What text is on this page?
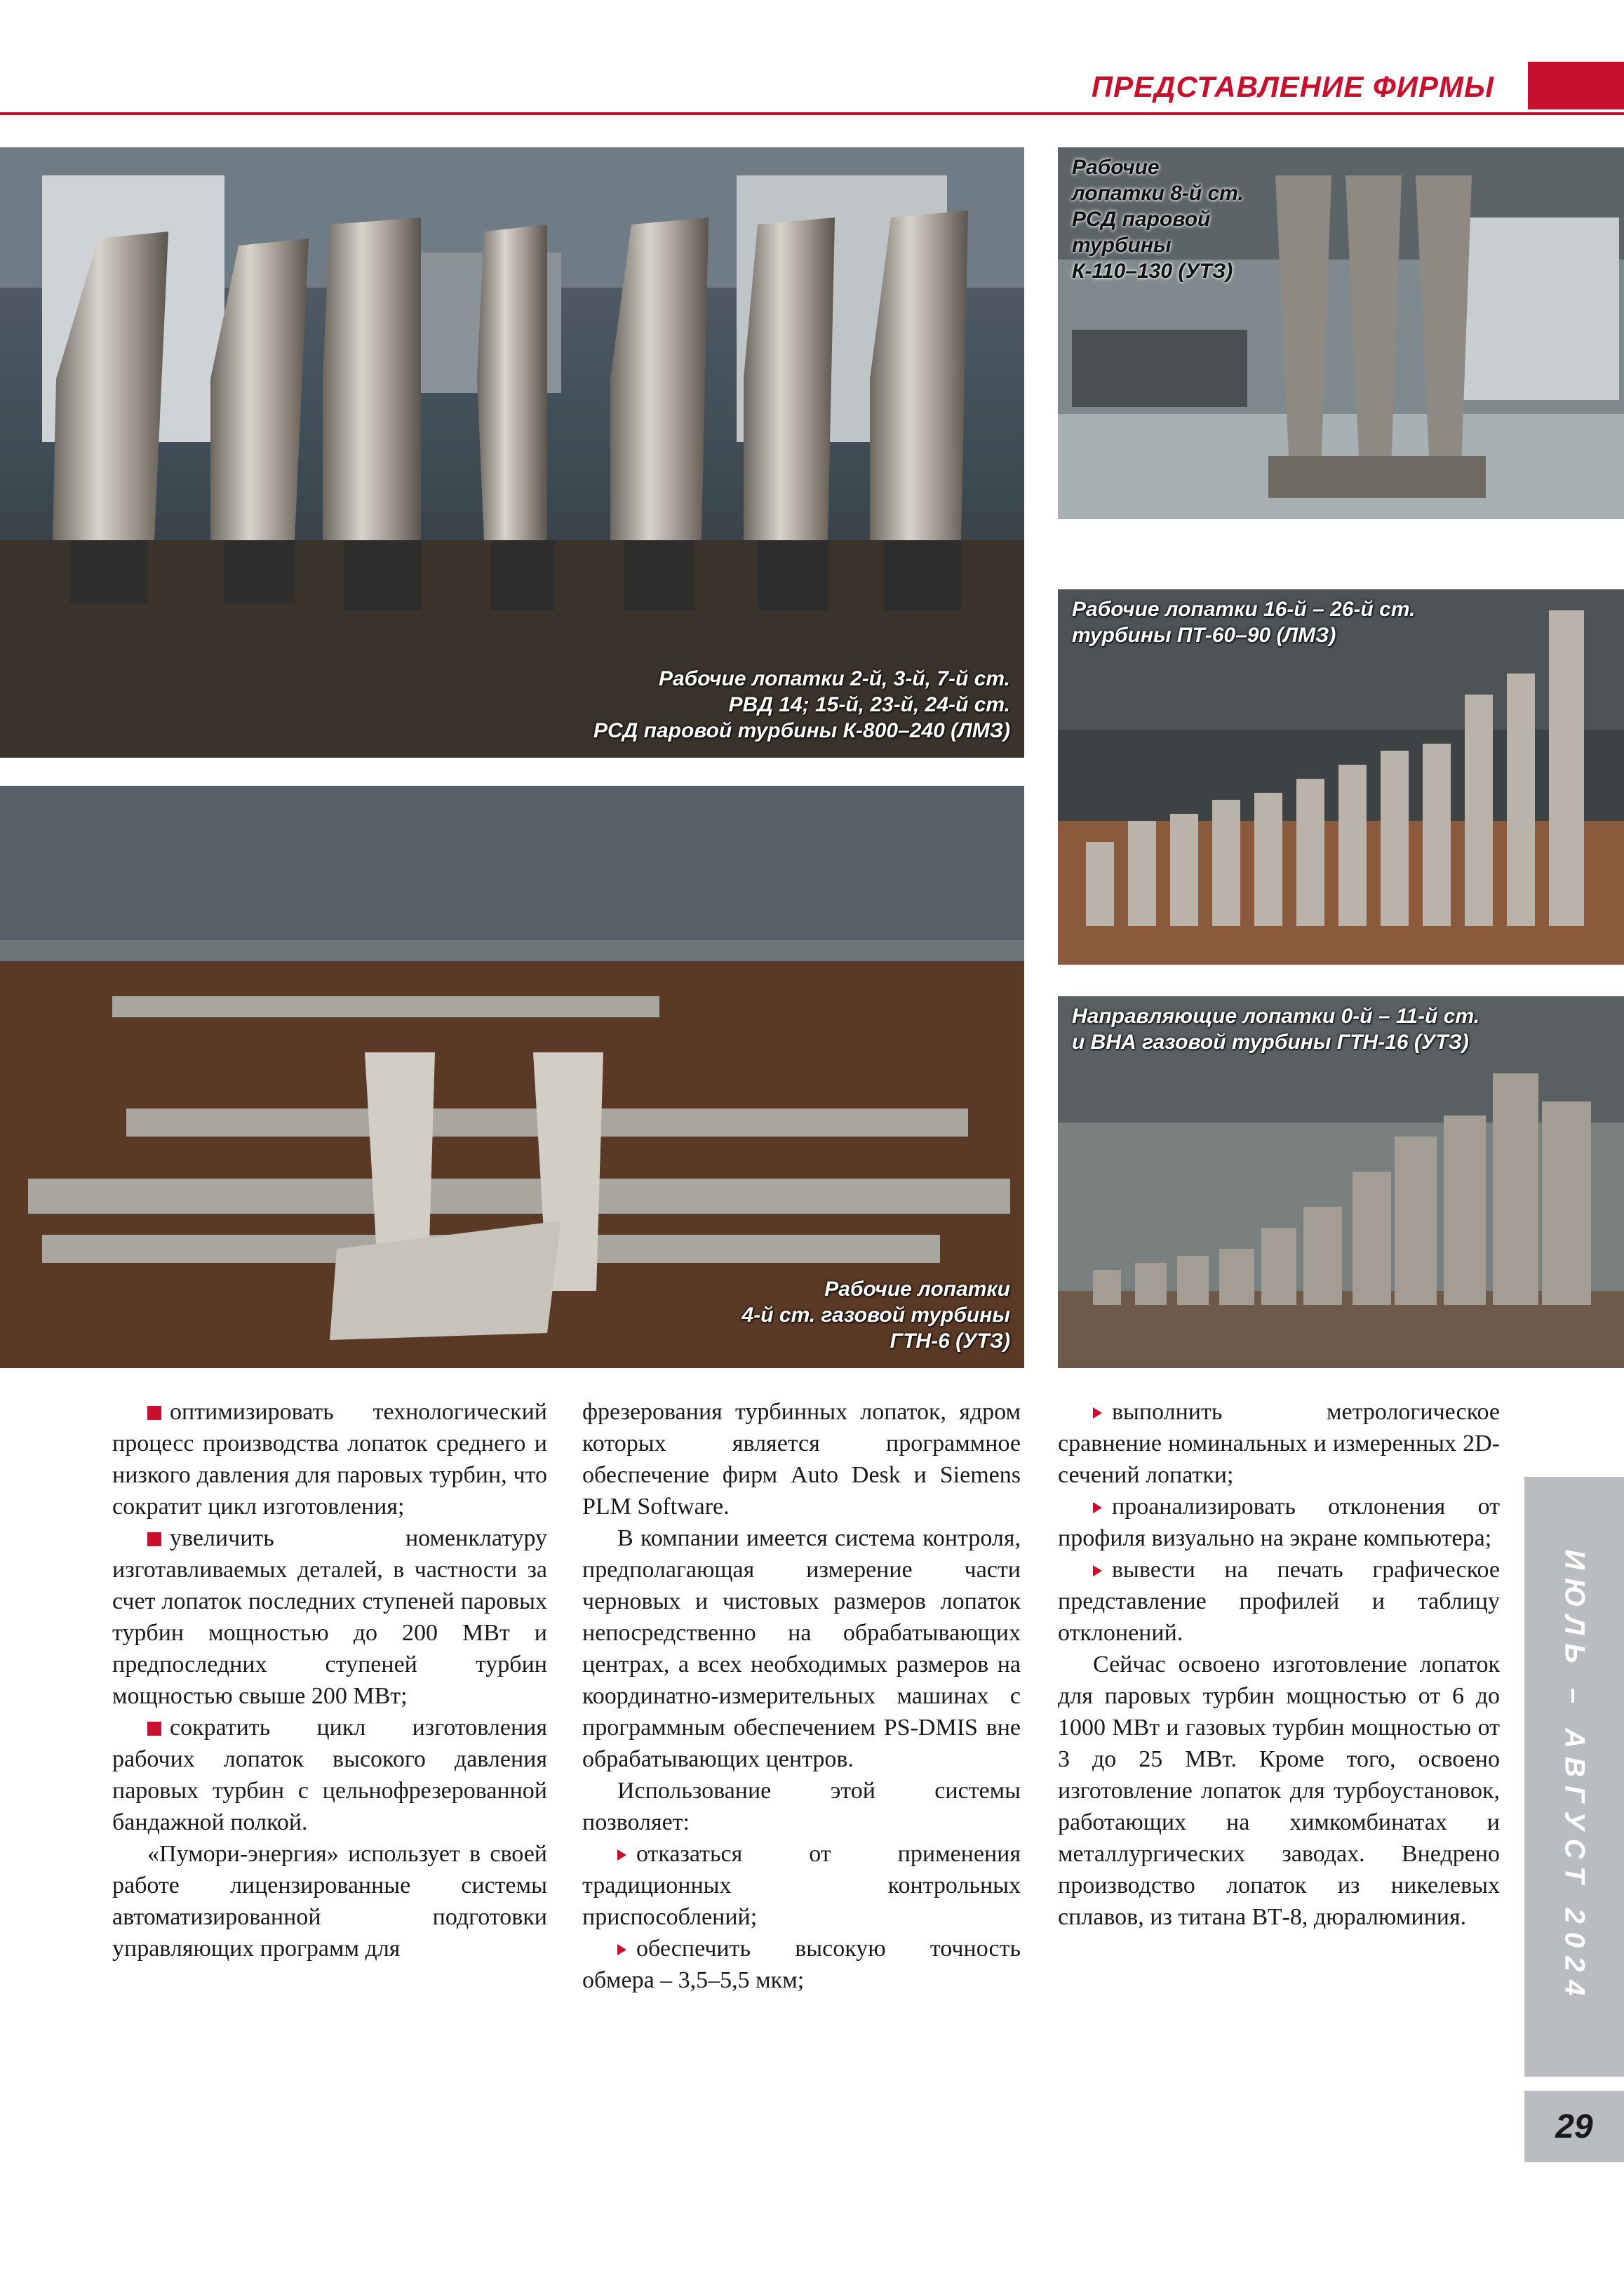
ПРЕДСТАВЛЕНИЕ ФИРМЫ
Рабочие лопатки 2-й, 3-й, 7-й ст.
РВД 14; 15-й, 23-й, 24-й ст.
РСД паровой турбины К-800–240 (ЛМЗ)
Рабочие
лопатки 8-й ст.
РСД паровой
турбины
К-110–130 (УТЗ)
Рабочие лопатки 16-й – 26-й ст.
турбины ПТ-60–90 (ЛМЗ)
Рабочие лопатки
4-й ст. газовой турбины
ГТН-6 (УТЗ)
Направляющие лопатки 0-й – 11-й ст.
и ВНА газовой турбины ГТН-16 (УТЗ)

оптимизировать технологический процесс производства лопаток среднего и низкого давления для паровых турбин, что сократит цикл изготовления;

увеличить номенклатуру изготавливаемых деталей, в частности за счет лопаток последних ступеней паровых турбин мощностью до 200 МВт и предпоследних ступеней турбин мощностью свыше 200 МВт;

сократить цикл изготовления рабочих лопаток высокого давления паровых турбин с цельнофрезерованной бандажной полкой.

«Пумори-энергия» использует в своей работе лицензированные системы автоматизированной подготовки управляющих программ для

фрезерования турбинных лопаток, ядром которых является программное обеспечение фирм Auto Desk и Siemens PLM Software.

В компании имеется система контроля, предполагающая измерение части черновых и чистовых размеров лопаток непосредственно на обрабатывающих центрах, а всех необходимых размеров на координатно-измерительных машинах с программным обеспечением PS-DMIS вне обрабатывающих центров.

Использование этой системы позволяет:

отказаться от применения традиционных контрольных приспособлений;

обеспечить высокую точность обмера – 3,5–5,5 мкм;

выполнить метрологическое сравнение номинальных и измеренных 2D-сечений лопатки;

проанализировать отклонения от профиля визуально на экране компьютера;

вывести на печать графическое представление профилей и таблицу отклонений.

Сейчас освоено изготовление лопаток для паровых турбин мощностью от 6 до 1000 МВт и газовых турбин мощностью от 3 до 25 МВт. Кроме того, освоено изготовление лопаток для турбоустановок, работающих на химкомбинатах и металлургических заводах. Внедрено производство лопаток из никелевых сплавов, из титана ВТ-8, дюралюминия.	ИЮЛЬ – АВГУСТ 2024
29
